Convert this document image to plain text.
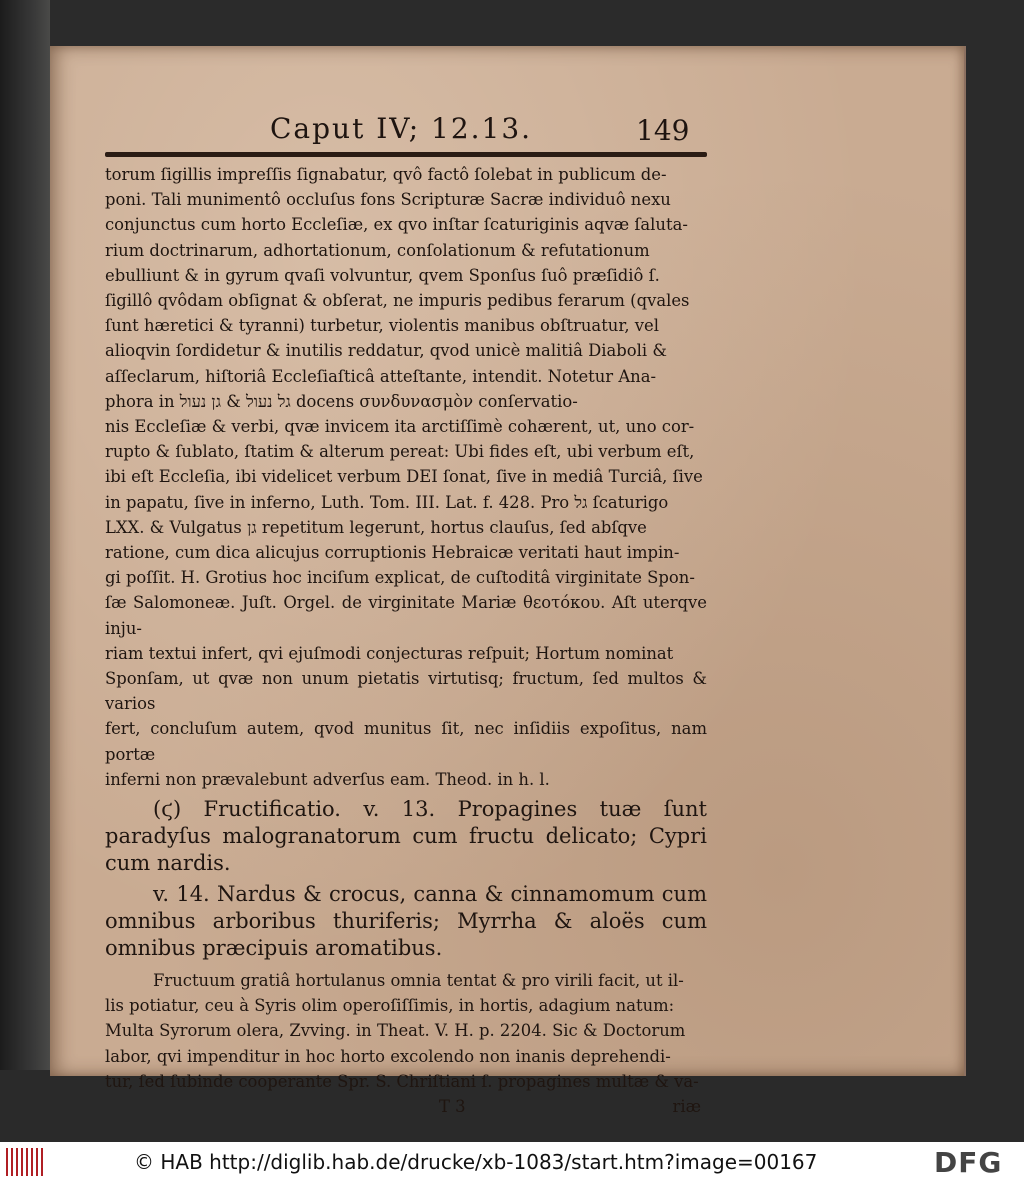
Caput IV; 12.13.	149

torum ſigillis impreſſis ſignabatur, qvô factô ſolebat in publicum de-

poni. Tali munimentô occluſus fons Scripturæ Sacræ individuô nexu

conjunctus cum horto Eccleſiæ, ex qvo inſtar ſcaturiginis aqvæ ſaluta-

rium doctrinarum, adhortationum, conſolationum & refutationum

ebulliunt & in gyrum qvaſi volvuntur, qvem Sponſus ſuô præſidiô ſ.

ſigillô qvôdam obſignat & obſerat, ne impuris pedibus ferarum (qvales

ſunt hæretici & tyranni) turbetur, violentis manibus obſtruatur, vel

alioqvin ſordidetur & inutilis reddatur, qvod unicè malitiâ Diaboli &

aſſeclarum, hiſtoriâ Eccleſiaſticâ atteſtante, intendit. Notetur Ana-

phora in גל נעול & גן נעול docens συνδυνασμὸν conſervatio-

nis Eccleſiæ & verbi, qvæ invicem ita arctiſſimè cohærent, ut, uno cor-

rupto & ſublato, ſtatim & alterum pereat: Ubi fides eſt, ubi verbum eſt,

ibi eſt Eccleſia, ibi videlicet verbum DEI ſonat, ſive in mediâ Turciâ, ſive

in papatu, ſive in inferno, Luth. Tom. III. Lat. f. 428. Pro גל ſcaturigo

LXX. & Vulgatus גן repetitum legerunt, hortus clauſus, ſed abſqve

ratione, cum dica alicujus corruptionis Hebraicæ veritati haut impin-

gi poſſit. H. Grotius hoc inciſum explicat, de cuſtoditâ virginitate Spon-

ſæ Salomoneæ. Juſt. Orgel. de virginitate Mariæ θεοτόκου. Aſt uterqve inju-

riam textui infert, qvi ejuſmodi conjecturas reſpuit; Hortum nominat

Sponſam, ut qvæ non unum pietatis virtutisq; fructum, ſed multos & varios

fert, concluſum autem, qvod munitus ſit, nec inſidiis expoſitus, nam portæ

inferni non prævalebunt adverſus eam. Theod. in h. l.

(ϛ) Fructificatio. v. 13. Propagines tuæ ſunt paradyſus malogranatorum cum fructu delicato; Cypri cum nardis.

v. 14. Nardus & crocus, canna & cinnamomum cum omnibus arboribus thuriferis; Myrrha & aloës cum omnibus præcipuis aromatibus.

Fructuum gratiâ hortulanus omnia tentat & pro virili facit, ut il-

lis potiatur, ceu à Syris olim operoſiſſimis, in hortis, adagium natum:

Multa Syrorum olera, Zvving. in Theat. V. H. p. 2204. Sic & Doctorum

labor, qvi impenditur in hoc horto excolendo non inanis deprehendi-

tur, ſed ſubinde cooperante Spr. S. Chriſtiani ſ. propagines multæ & va-

T 3	riæ
© HAB http://diglib.hab.de/drucke/xb-1083/start.htm?image=00167	DFG
